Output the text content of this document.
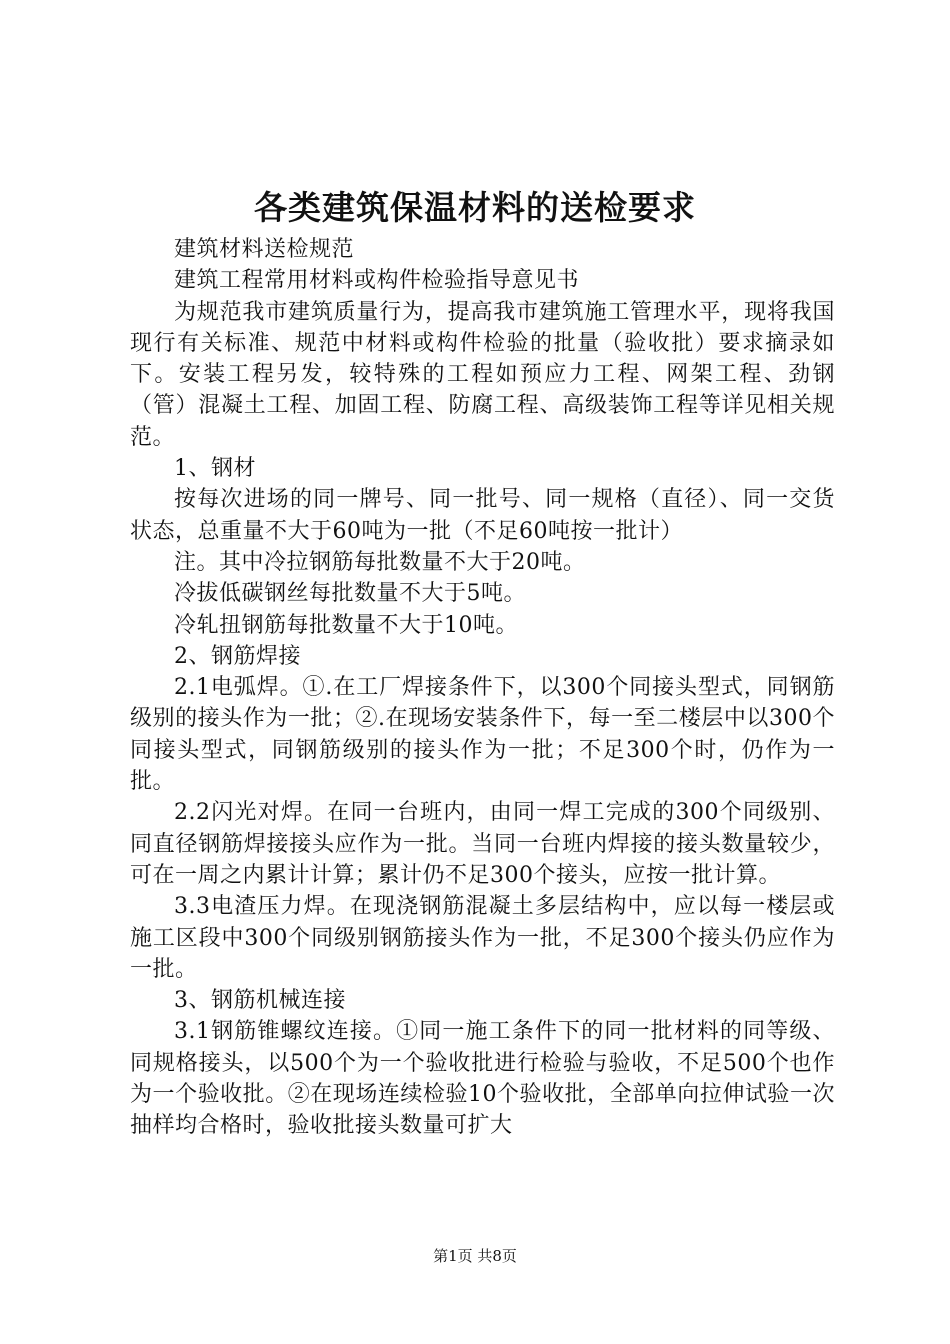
各类建筑保温材料的送检要求

建筑材料送检规范

建筑工程常用材料或构件检验指导意见书

为规范我市建筑质量行为，提高我市建筑施工管理水平，现将我国现行有关标准、规范中材料或构件检验的批量（验收批）要求摘录如下。安装工程另发，较特殊的工程如预应力工程、网架工程、劲钢（管）混凝土工程、加固工程、防腐工程、高级装饰工程等详见相关规范。

1、钢材

按每次进场的同一牌号、同一批号、同一规格（直径）、同一交货状态，总重量不大于60吨为一批（不足60吨按一批计）

注。其中冷拉钢筋每批数量不大于20吨。

冷拔低碳钢丝每批数量不大于5吨。

冷轧扭钢筋每批数量不大于10吨。

2、钢筋焊接

2.1电弧焊。①.在工厂焊接条件下，以300个同接头型式，同钢筋级别的接头作为一批；②.在现场安装条件下，每一至二楼层中以300个同接头型式，同钢筋级别的接头作为一批；不足300个时，仍作为一批。

2.2闪光对焊。在同一台班内，由同一焊工完成的300个同级别、同直径钢筋焊接接头应作为一批。当同一台班内焊接的接头数量较少，可在一周之内累计计算；累计仍不足300个接头，应按一批计算。

3.3电渣压力焊。在现浇钢筋混凝土多层结构中，应以每一楼层或施工区段中300个同级别钢筋接头作为一批，不足300个接头仍应作为一批。

3、钢筋机械连接

3.1钢筋锥螺纹连接。①同一施工条件下的同一批材料的同等级、同规格接头，以500个为一个验收批进行检验与验收，不足500个也作为一个验收批。②在现场连续检验10个验收批，全部单向拉伸试验一次抽样均合格时，验收批接头数量可扩大

第1页 共8页
